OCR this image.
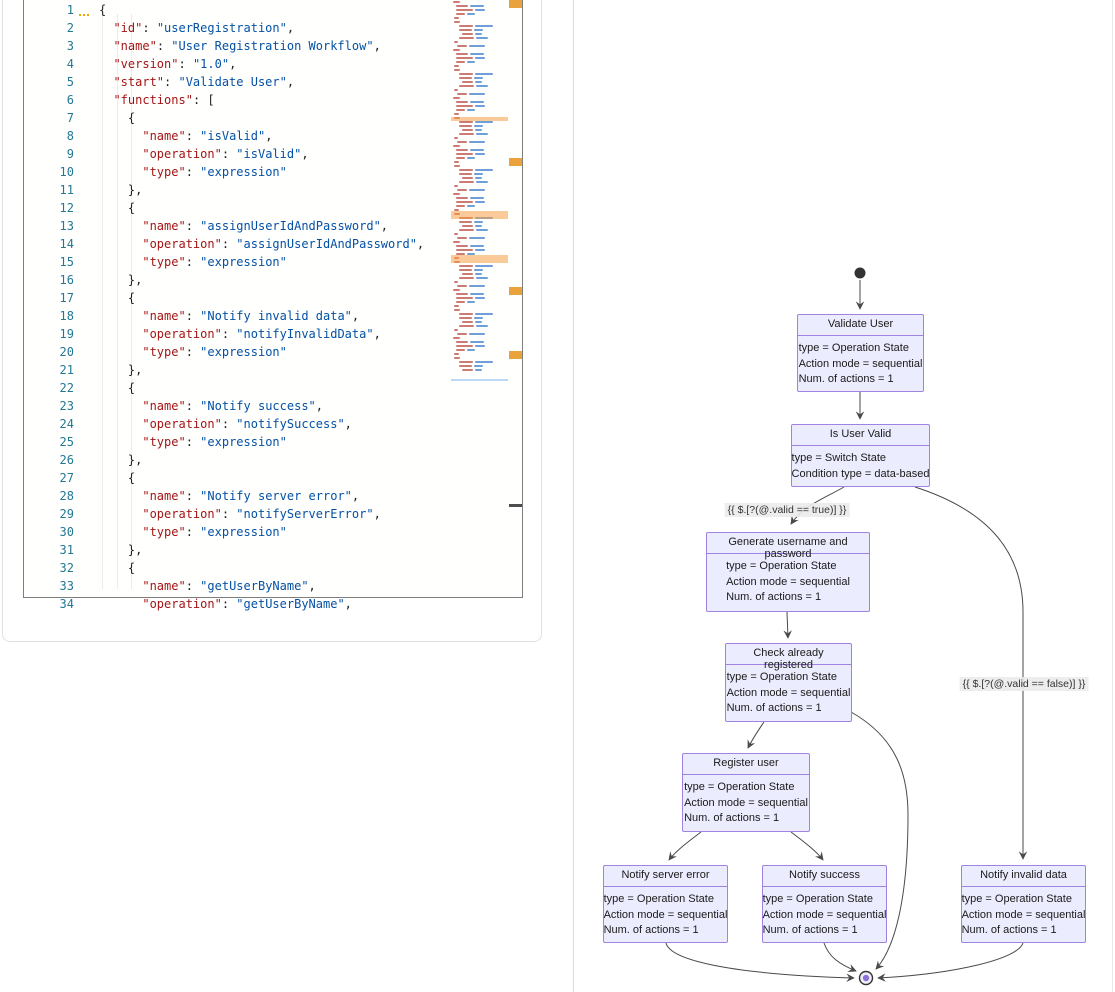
1	{
2	"id": "userRegistration",
3	"name": "User Registration Workflow",
4	"version": "1.0",
5	"start": "Validate User",
6	"functions": [
7	{
8	"name": "isValid",
9	"operation": "isValid",
10	"type": "expression"
11	},
12	{
13	"name": "assignUserIdAndPassword",
14	"operation": "assignUserIdAndPassword",
15	"type": "expression"
16	},
17	{
18	"name": "Notify invalid data",
19	"operation": "notifyInvalidData",
20	"type": "expression"
21	},
22	{
23	"name": "Notify success",
24	"operation": "notifySuccess",
25	"type": "expression"
26	},
27	{
28	"name": "Notify server error",
29	"operation": "notifyServerError",
30	"type": "expression"
31	},
32	{
33	"name": "getUserByName",
34	"operation": "getUserByName",
{{ $.[?(@.valid == true)] }}
{{ $.[?(@.valid == false)] }}
Validate User
type = Operation State
Action mode = sequential
Num. of actions = 1
Is User Valid
type = Switch State
Condition type = data-based
Generate username and password
type = Operation State
Action mode = sequential
Num. of actions = 1
Check already registered
type = Operation State
Action mode = sequential
Num. of actions = 1
Register user
type = Operation State
Action mode = sequential
Num. of actions = 1
Notify server error
type = Operation State
Action mode = sequential
Num. of actions = 1
Notify success
type = Operation State
Action mode = sequential
Num. of actions = 1
Notify invalid data
type = Operation State
Action mode = sequential
Num. of actions = 1
